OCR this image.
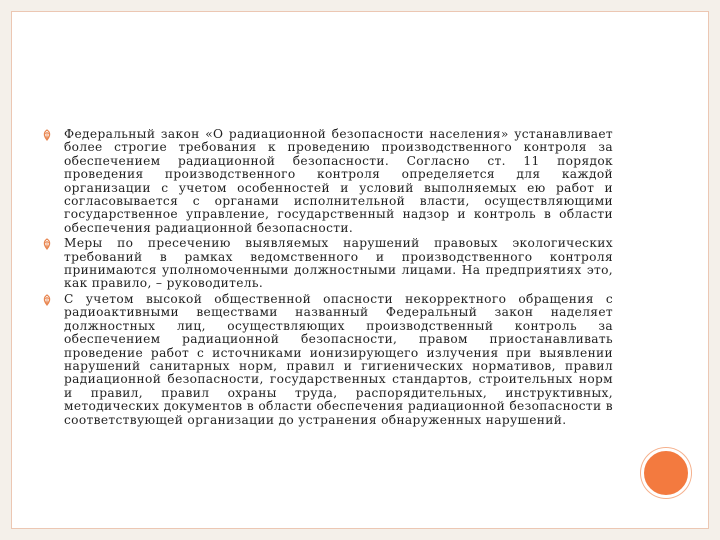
Федеральный закон «О радиационной безопасности населения» устанавливает более строгие требования к проведению производственного контроля за обеспечением радиационной безопасности. Согласно ст. 11 порядок проведения производственного контроля определяется для каждой организации с учетом особенностей и условий выполняемых ею работ и согласовывается с органами исполнительной власти, осуществляющими государственное управление, государственный надзор и контроль в области обеспечения радиационной безопасности.
Меры по пресечению выявляемых нарушений правовых экологических требований в рамках ведомственного и производственного контроля принимаются уполномоченными должностными лицами. На предприятиях это, как правило, – руководитель.
С учетом высокой общественной опасности некорректного обращения с радиоактивными веществами названный Федеральный закон наделяет должностных лиц, осуществляющих производственный контроль за обеспечением радиационной безопасности, правом приостанавливать проведение работ с источниками ионизирующего излучения при выявлении нарушений санитарных норм, правил и гигиенических нормативов, правил радиационной безопасности, государственных стандартов, строительных норм и правил, правил охраны труда, распорядительных, инструктивных, методических документов в области обеспечения радиационной безопасности в соответствующей организации до устранения обнаруженных нарушений.
